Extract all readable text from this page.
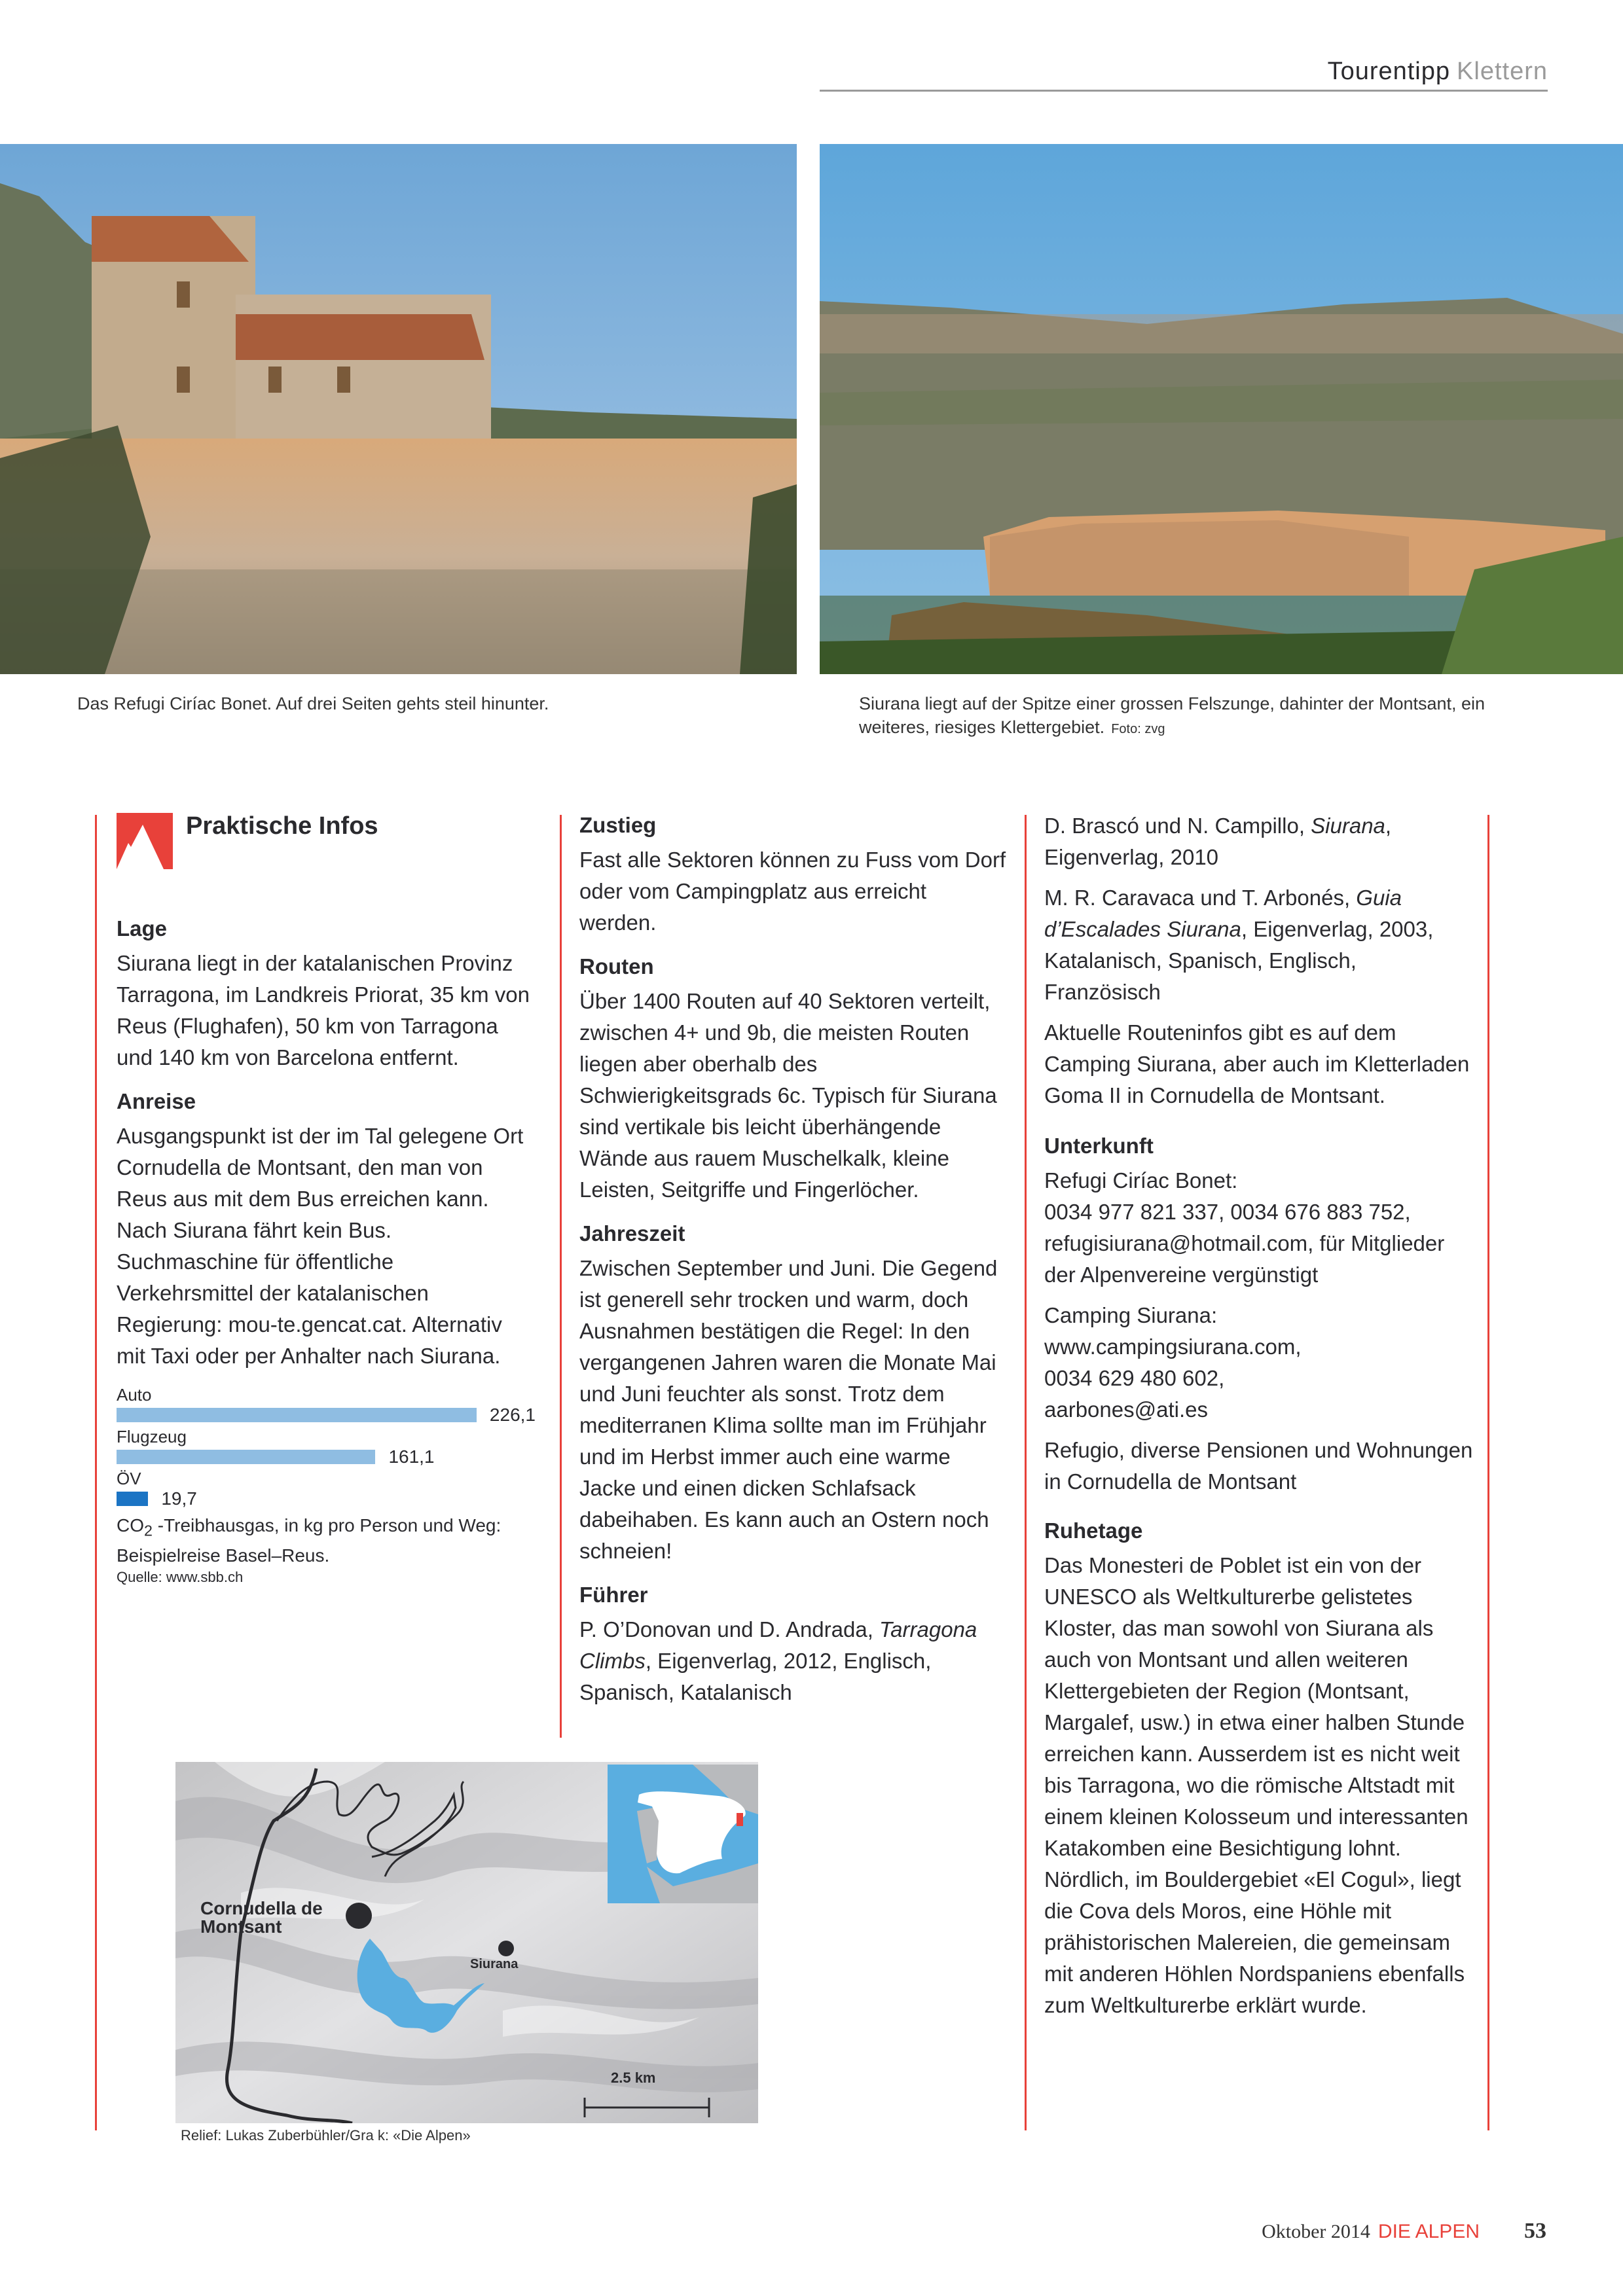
Tourentipp Klettern
Das Refugi Ciríac Bonet. Auf drei Seiten gehts steil hinunter.	Siurana liegt auf der Spitze einer grossen Felszunge, dahinter der Montsant, ein weiteres, riesiges Klettergebiet. Foto: zvg
Praktische Infos
Lage

Siurana liegt in der katalanischen Provinz Tarragona, im Landkreis Priorat, 35 km von Reus (Flughafen), 50 km von Tarragona und 140 km von Barcelona entfernt.

Anreise

Ausgangspunkt ist der im Tal gelegene Ort Cornudella de Montsant, den man von Reus aus mit dem Bus erreichen kann. Nach Siurana fährt kein Bus. Suchmaschine für öffentliche Verkehrsmittel der katalanischen Regierung: mou-te.gencat.cat. Alternativ mit Taxi oder per Anhalter nach Siurana.

Auto
226,1
Flugzeug
161,1
ÖV
19,7
$CO_2$ -Treibhausgas, in kg pro Person und Weg: Beispielreise Basel–Reus.
Quelle: www.sbb.ch
Zustieg

Fast alle Sektoren können zu Fuss vom Dorf oder vom Campingplatz aus erreicht werden.

Routen

Über 1400 Routen auf 40 Sektoren verteilt, zwischen 4+ und 9b, die meisten Routen liegen aber oberhalb des Schwierigkeitsgrads 6c. Typisch für Siurana sind vertikale bis leicht überhängende Wände aus rauem Muschelkalk, kleine Leisten, Seitgriffe und Fingerlöcher.

Jahreszeit

Zwischen September und Juni. Die Gegend ist generell sehr trocken und warm, doch Ausnahmen bestätigen die Regel: In den vergangenen Jahren waren die Monate Mai und Juni feuchter als sonst. Trotz dem mediterranen Klima sollte man im Frühjahr und im Herbst immer auch eine warme Jacke und einen dicken Schlafsack dabeihaben. Es kann auch an Ostern noch schneien!

Führer

P. O’Donovan und D. Andrada, Tarragona Climbs, Eigenverlag, 2012, Englisch, Spanisch, Katalanisch

D. Brascó und N. Campillo, Siurana, Eigenverlag, 2010

M. R. Caravaca und T. Arbonés, Guia d’Escalades Siurana, Eigenverlag, 2003, Katalanisch, Spanisch, Englisch, Französisch

Aktuelle Routeninfos gibt es auf dem Camping Siurana, aber auch im Kletterladen Goma II in Cornudella de Montsant.

Unterkunft

Refugi Ciríac Bonet:
0034 977 821 337, 0034 676 883 752,
refugisiurana@hotmail.com, für Mitglieder der Alpenvereine vergünstigt

Camping Siurana:
www.campingsiurana.com,
0034 629 480 602,
aarbones@ati.es

Refugio, diverse Pensionen und Wohnungen in Cornudella de Montsant

Ruhetage

Das Monesteri de Poblet ist ein von der UNESCO als Weltkulturerbe gelistetes Kloster, das man sowohl von Siurana als auch von Montsant und allen weiteren Klettergebieten der Region (Montsant, Margalef, usw.) in etwa einer halben Stunde erreichen kann. Ausserdem ist es nicht weit bis Tarragona, wo die römische Altstadt mit einem kleinen Kolosseum und interessanten Katakomben eine Besichtigung lohnt. Nördlich, im Bouldergebiet «El Cogul», liegt die Cova dels Moros, eine Höhle mit prähistorischen Malereien, die gemeinsam mit anderen Höhlen Nordspaniens ebenfalls zum Weltkulturerbe erklärt wurde.

Cornudella de Montsant
Siurana
2.5 km
Relief: Lukas Zuberbühler/Gra k: «Die Alpen»
Oktober 2014 DIE ALPEN 53
